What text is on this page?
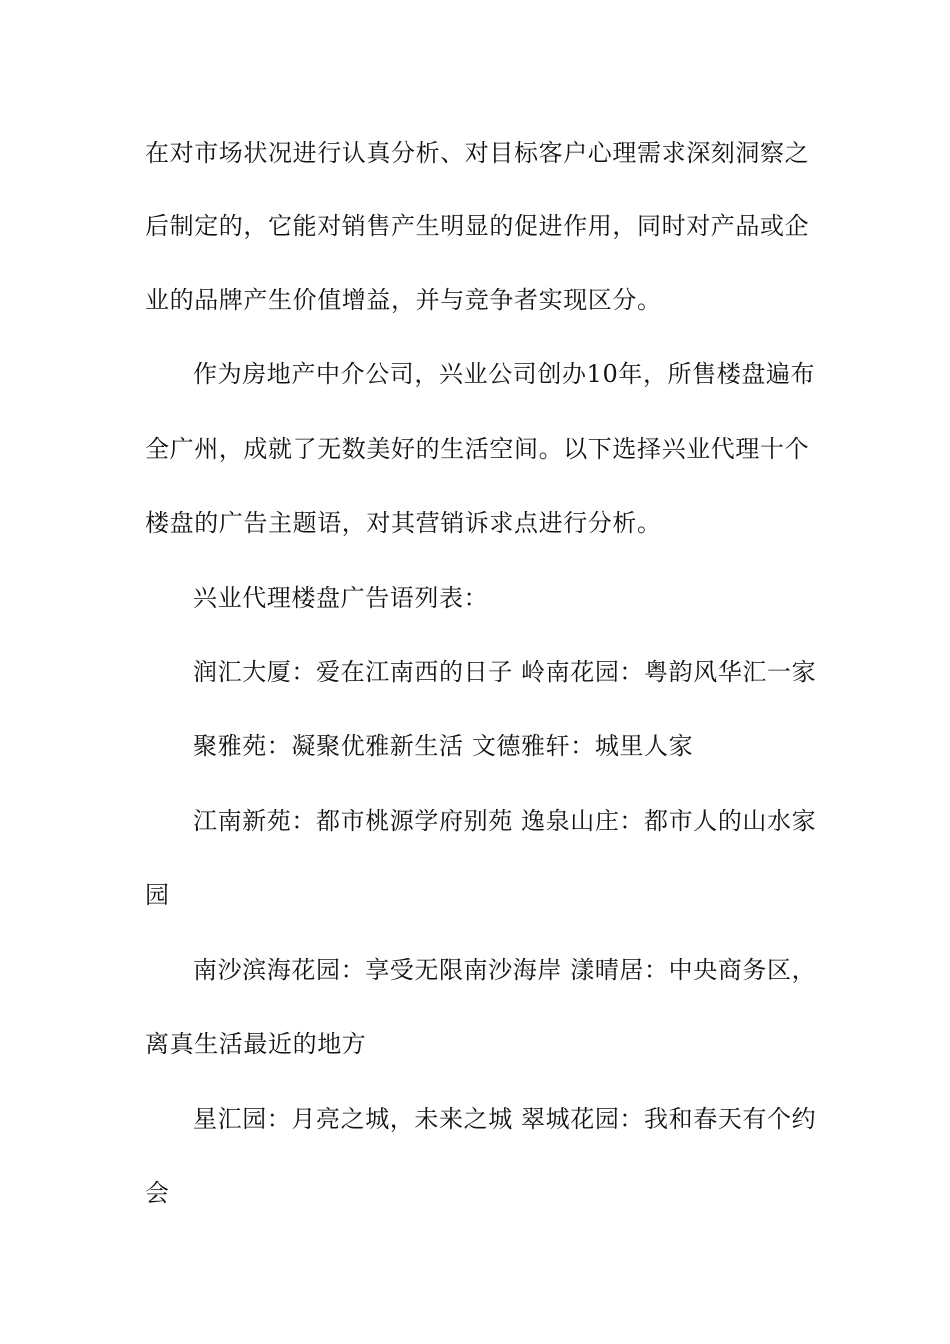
在对市场状况进行认真分析、对目标客户心理需求深刻洞察之
后制定的，它能对销售产生明显的促进作用，同时对产品或企
业的品牌产生价值增益，并与竞争者实现区分。
作为房地产中介公司，兴业公司创办10年，所售楼盘遍布
全广州，成就了无数美好的生活空间。以下选择兴业代理十个
楼盘的广告主题语，对其营销诉求点进行分析。
兴业代理楼盘广告语列表：
润汇大厦：爱在江南西的日子 岭南花园：粤韵风华汇一家
聚雅苑：凝聚优雅新生活 文德雅轩：城里人家
江南新苑：都市桃源学府别苑 逸泉山庄：都市人的山水家
园
南沙滨海花园：享受无限南沙海岸 漾晴居：中央商务区，
离真生活最近的地方
星汇园：月亮之城，未来之城 翠城花园：我和春天有个约
会
